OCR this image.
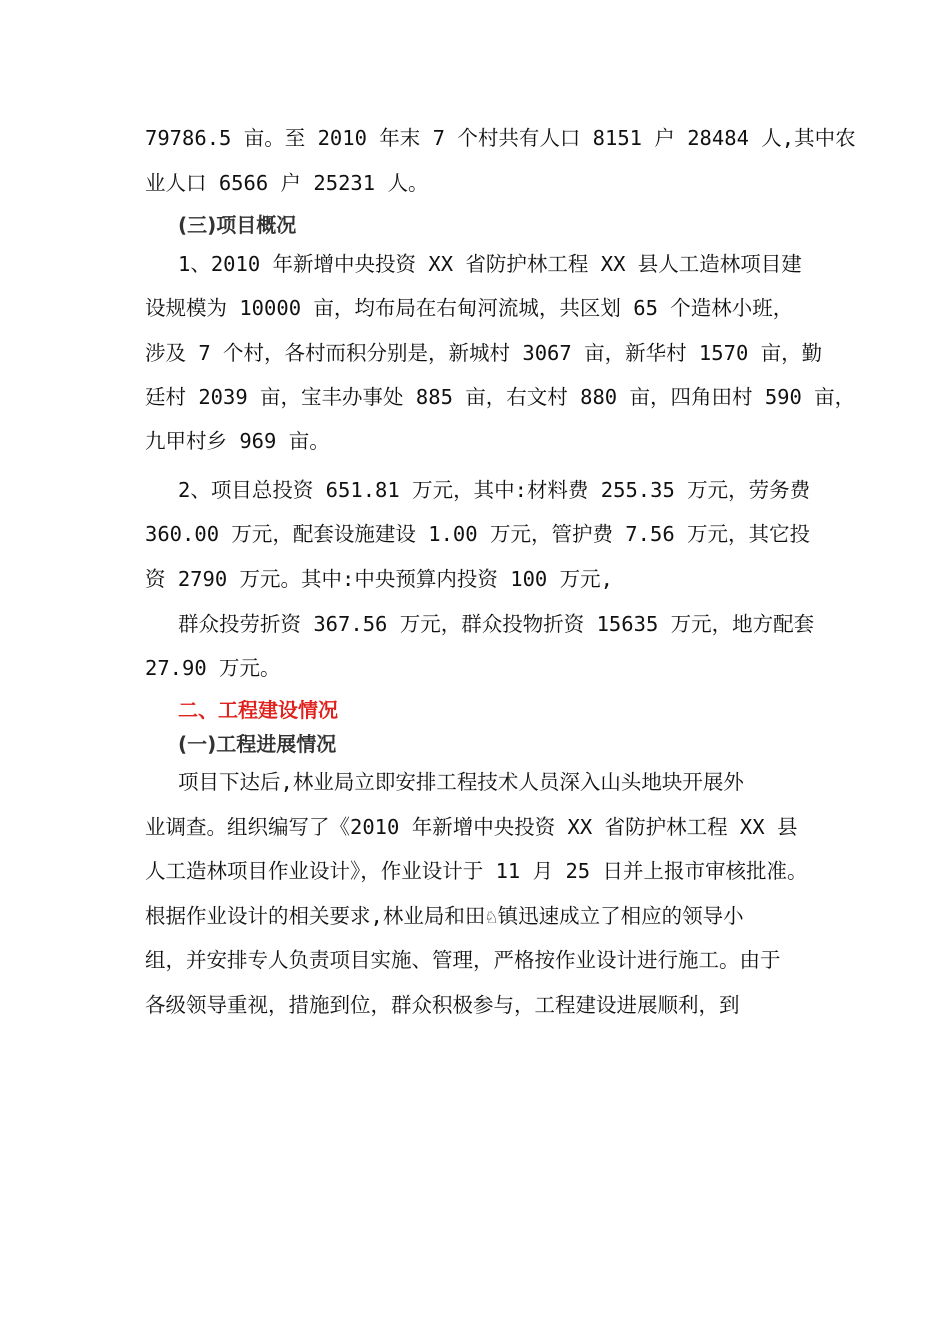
79786.5 亩。至 2010 年末 7 个村共有人口 8151 户 28484 人,其中农
业人口 6566 户 25231 人。
(三)项目概况
1、2010 年新增中央投资 XX 省防护林工程 XX 县人工造林项目建
设规模为 10000 亩，均布局在右甸河流城，共区划 65 个造林小班，
涉及 7 个村，各村而积分别是，新城村 3067 亩，新华村 1570 亩，勤
廷村 2039 亩，宝丰办事处 885 亩，右文村 880 亩，四角田村 590 亩，
九甲村乡 969 亩。
2、项目总投资 651.81 万元，其中:材料费 255.35 万元，劳务费
360.00 万元，配套设施建设 1.00 万元，管护费 7.56 万元，其它投
资 2790 万元。其中:中央预算内投资 100 万元,
群众投劳折资 367.56 万元，群众投物折资 15635 万元，地方配套
27.90 万元。
二、工程建设情况
(一)工程进展情况
项目下达后,林业局立即安排工程技术人员深入山头地块开展外
业调查。组织编写了《2010 年新增中央投资 XX 省防护林工程 XX 县
人工造林项目作业设计》，作业设计于 11 月 25 日并上报市审核批准。
根据作业设计的相关要求,林业局和田♘镇迅速成立了相应的领导小
组，并安排专人负责项目实施、管理，严格按作业设计进行施工。由于
各级领导重视，措施到位，群众积极参与，工程建设进展顺利，到
